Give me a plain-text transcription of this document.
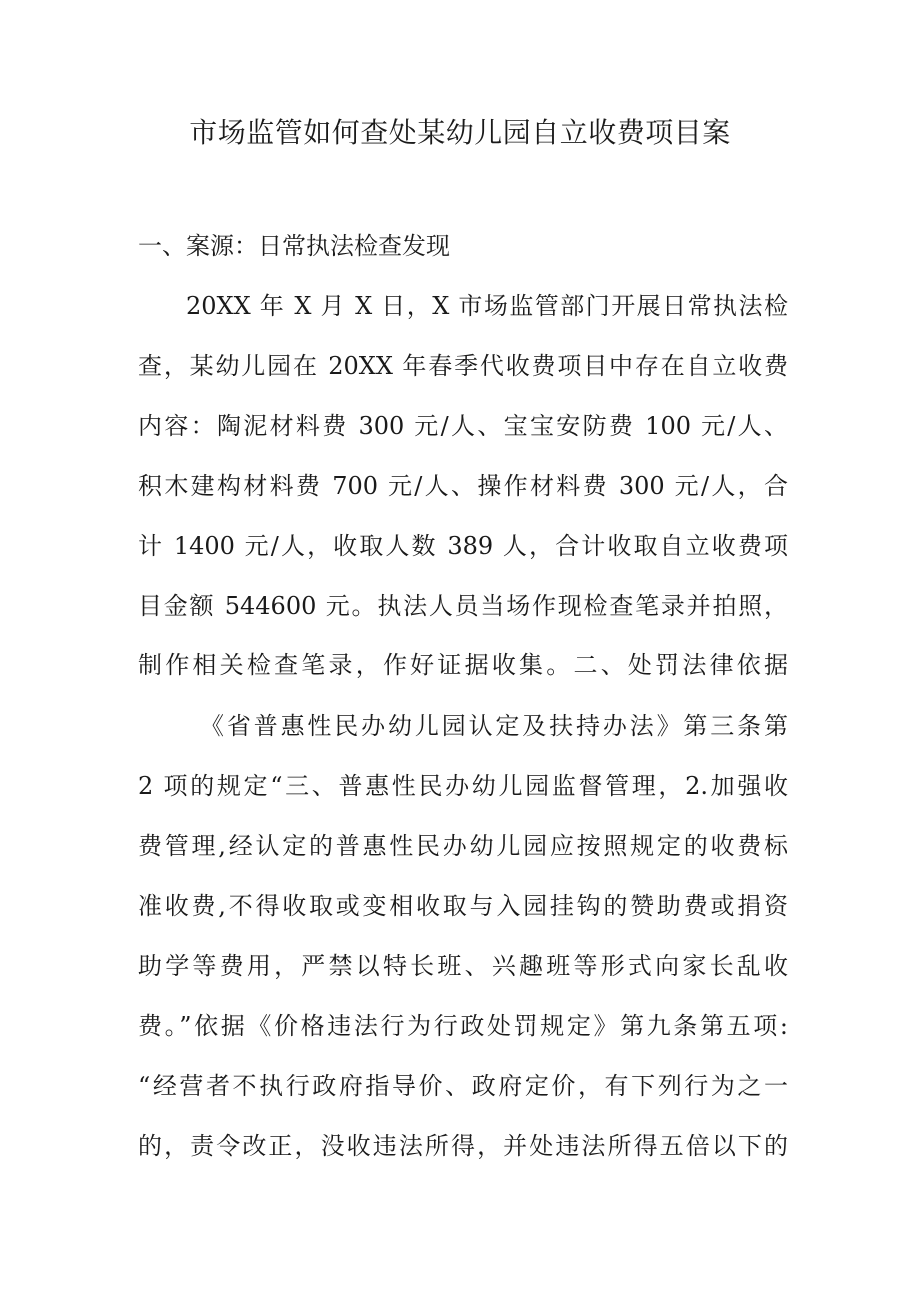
市场监管如何查处某幼儿园自立收费项目案
一、案源：日常执法检查发现
20XX 年 X 月 X 日，X 市场监管部门开展日常执法检
查，某幼儿园在 20XX 年春季代收费项目中存在自立收费
内容：陶泥材料费 300 元/人、宝宝安防费 100 元/人、
积木建构材料费 700 元/人、操作材料费 300 元/人，合
计 1400 元/人，收取人数 389 人，合计收取自立收费项
目金额 544600 元。执法人员当场作现检查笔录并拍照，
制作相关检查笔录，作好证据收集。二、处罚法律依据
《省普惠性民办幼儿园认定及扶持办法》第三条第
2 项的规定“三、普惠性民办幼儿园监督管理，2.加强收
费管理,经认定的普惠性民办幼儿园应按照规定的收费标
准收费,不得收取或变相收取与入园挂钩的赞助费或捐资
助学等费用，严禁以特长班、兴趣班等形式向家长乱收
费。”依据《价格违法行为行政处罚规定》第九条第五项:
“经营者不执行政府指导价、政府定价，有下列行为之一
的，责令改正，没收违法所得，并处违法所得五倍以下的
